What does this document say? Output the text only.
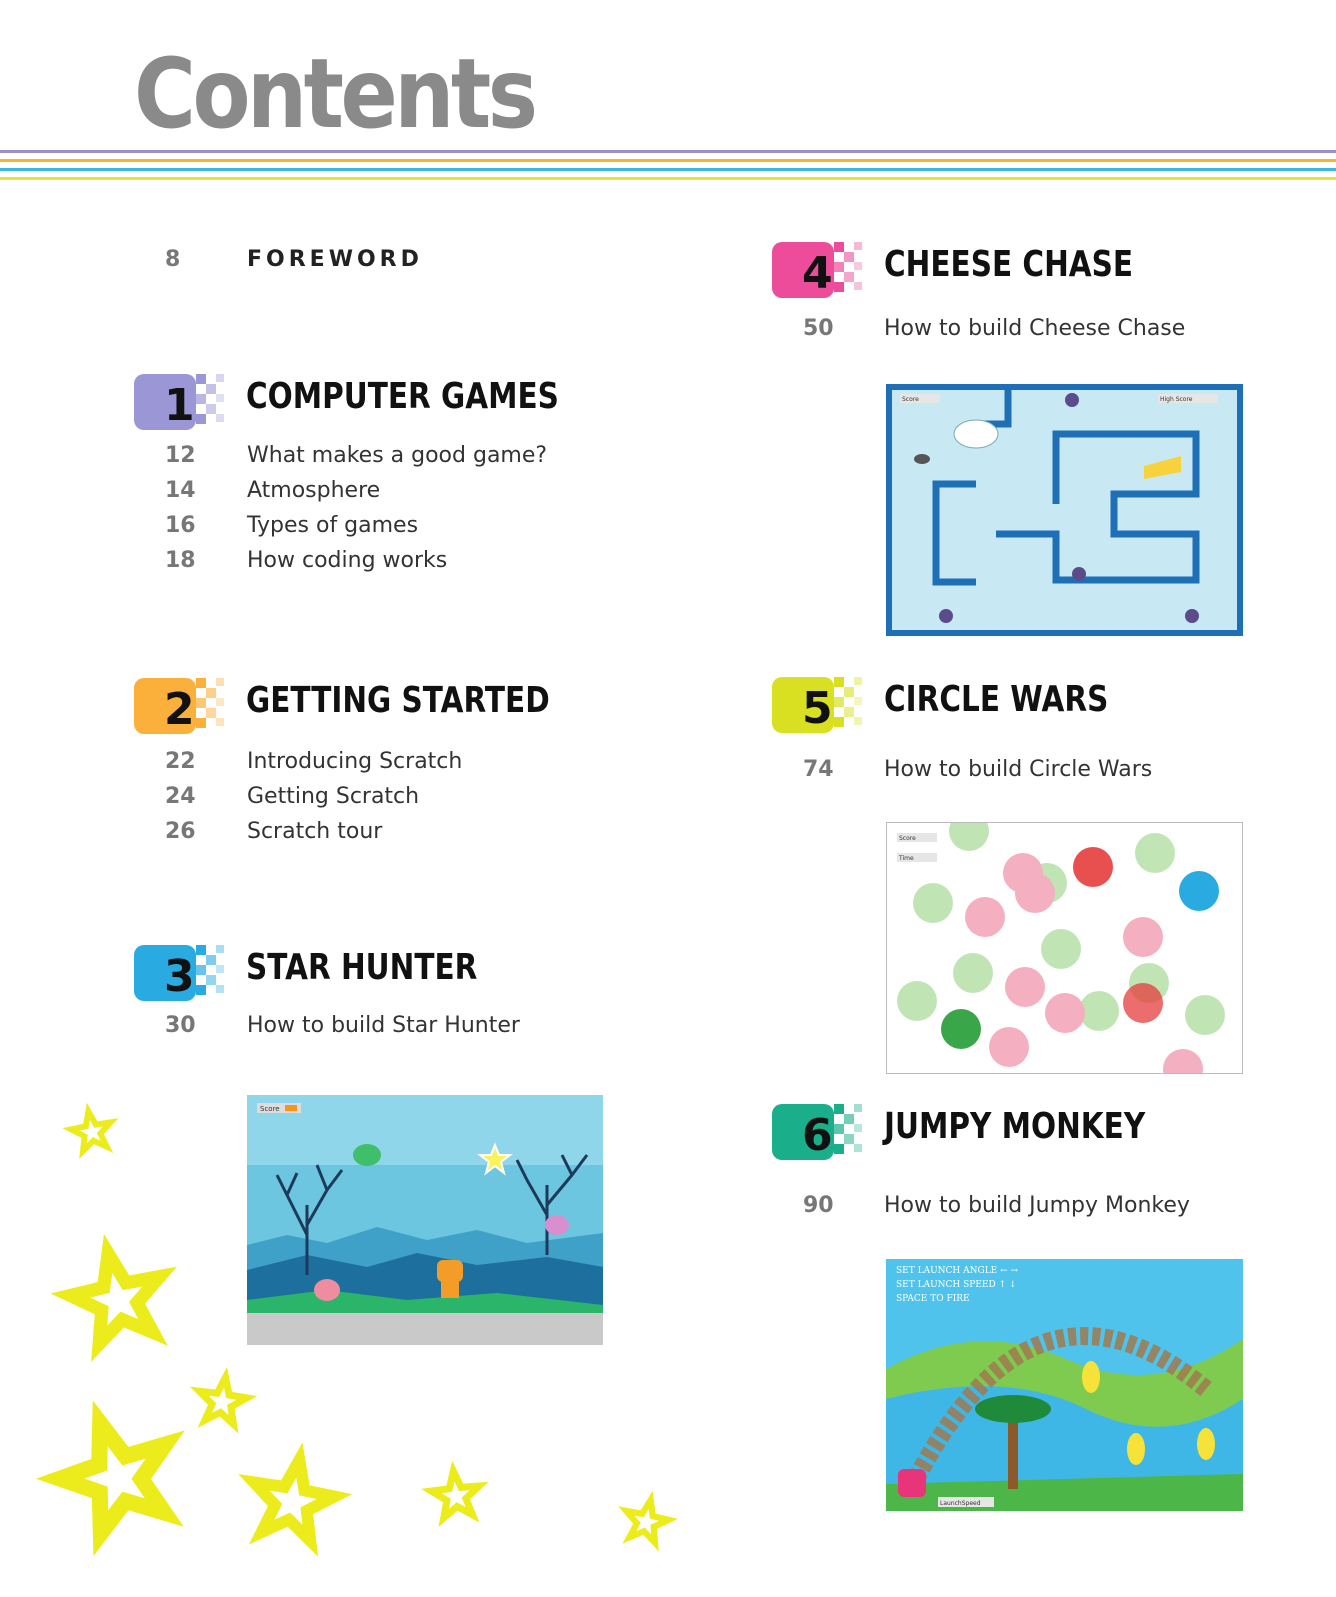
Contents
8	FOREWORD
1 COMPUTER GAMES
12 What makes a good game?
14 Atmosphere
16 Types of games
18 How coding works
2 GETTING STARTED
22 Introducing Scratch
24 Getting Scratch
26 Scratch tour
3 STAR HUNTER
30 How to build Star Hunter
Score
4 CHEESE CHASE
50 How to build Cheese Chase
Score	High Score
5 CIRCLE WARS
74 How to build Circle Wars
Score
Time
6 JUMPY MONKEY
90 How to build Jumpy Monkey
SET LAUNCH ANGLE ← →
SET LAUNCH SPEED ↑ ↓
SPACE TO FIRE
LaunchSpeed
